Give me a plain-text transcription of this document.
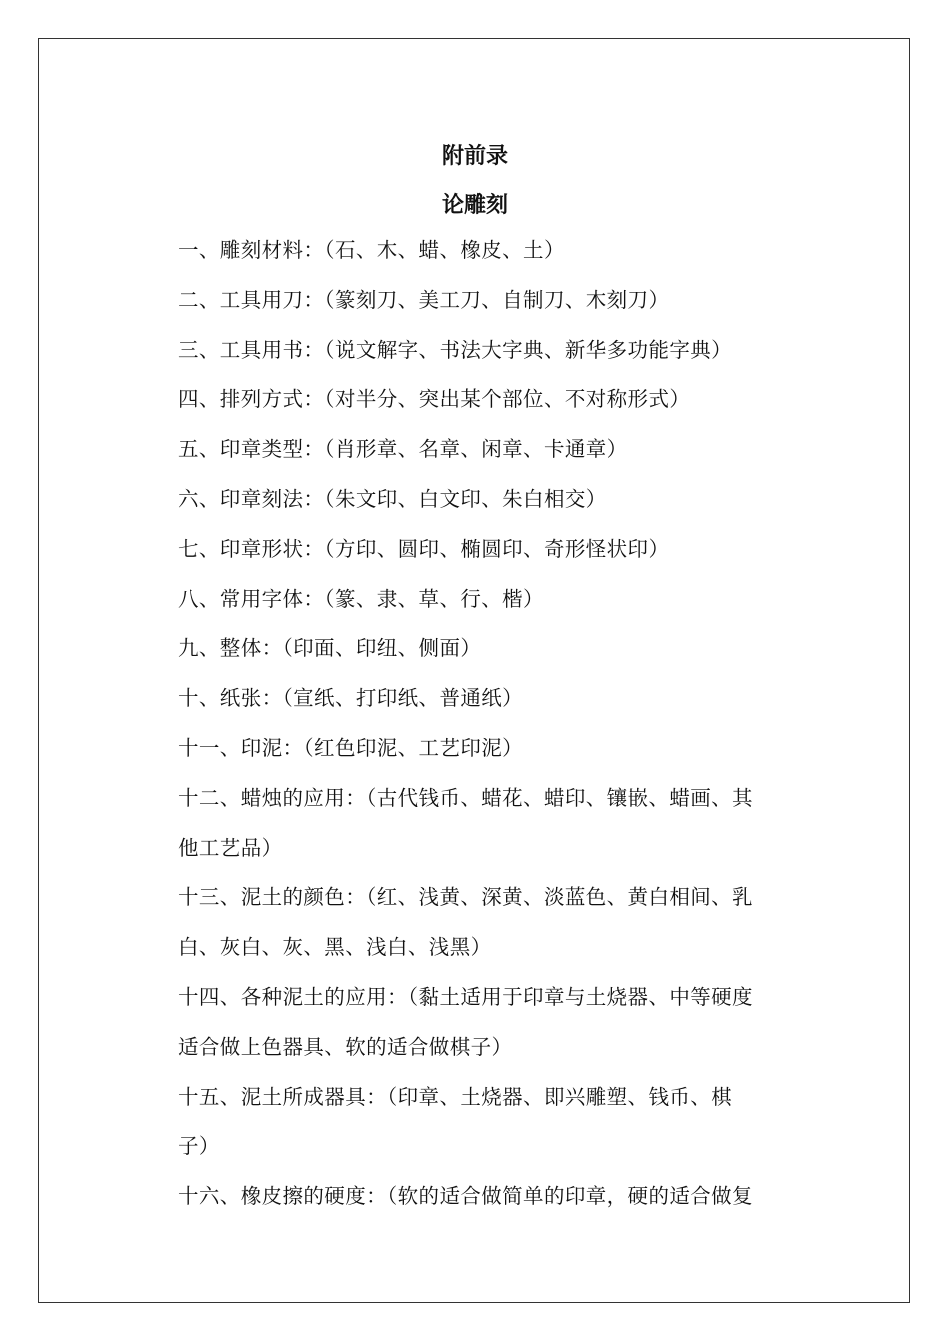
附前录
论雕刻
一、雕刻材料：（石、木、蜡、橡皮、土）
二、工具用刀：（篆刻刀、美工刀、自制刀、木刻刀）
三、工具用书：（说文解字、书法大字典、新华多功能字典）
四、排列方式：（对半分、突出某个部位、不对称形式）
五、印章类型：（肖形章、名章、闲章、卡通章）
六、印章刻法：（朱文印、白文印、朱白相交）
七、印章形状：（方印、圆印、椭圆印、奇形怪状印）
八、常用字体：（篆、隶、草、行、楷）
九、整体：（印面、印纽、侧面）
十、纸张：（宣纸、打印纸、普通纸）
十一、印泥：（红色印泥、工艺印泥）
十二、蜡烛的应用：（古代钱币、蜡花、蜡印、镶嵌、蜡画、其
他工艺品）
十三、泥土的颜色：（红、浅黄、深黄、淡蓝色、黄白相间、乳
白、灰白、灰、黑、浅白、浅黑）
十四、各种泥土的应用：（黏土适用于印章与土烧器、中等硬度
适合做上色器具、软的适合做棋子）
十五、泥土所成器具：（印章、土烧器、即兴雕塑、钱币、棋
子）
十六、橡皮擦的硬度：（软的适合做简单的印章，硬的适合做复
